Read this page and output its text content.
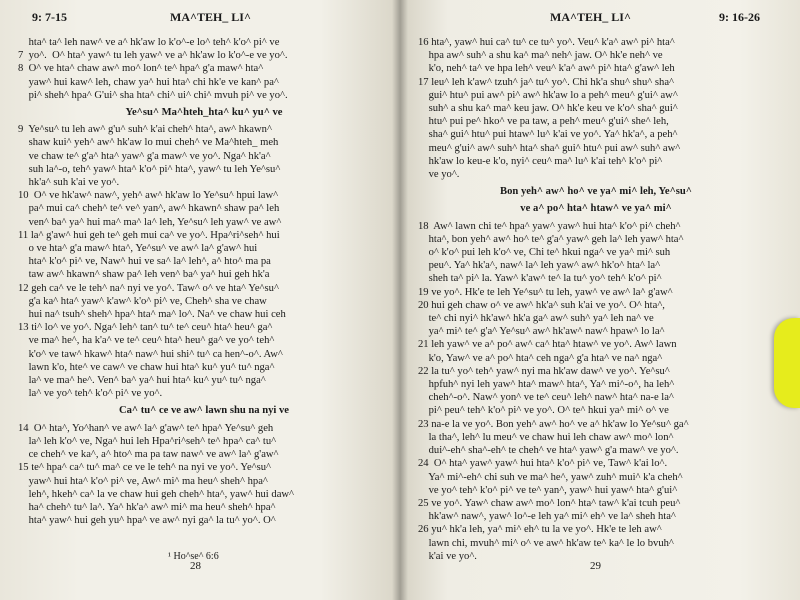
9: 7-15	MA^TEH_ LI^
hta^ ta^ leh naw^ ve a^ hk'aw lo k'o^-e lo^ teh^ k'o^ pi^ ve
7  yo^.  O^ hta^ yaw^ tu leh yaw^ ve a^ hk'aw lo k'o^-e ve yo^.
8  O^ ve hta^ chaw aw^ mo^ lon^ te^ hpa^ g'a maw^ hta^
yaw^ hui kaw^ leh, chaw ya^ hui hta^ chi hk'e ve kan^ pa^
pi^ sheh^ hpa^ G'ui^ sha hta^ chi^ ui^ chi^ mvuh pi^ ve yo^.
Ye^su^ Ma^hteh_hta^ ku^ yu^ ve
9  Ye^su^ tu leh aw^ g'u^ suh^ k'ai cheh^ hta^, aw^ hkawn^
shaw kui^ yeh^ aw^ hk'aw lo mui cheh^ ve Ma^hteh_ meh
ve chaw te^ g'a^ hta^ yaw^ g'a maw^ ve yo^. Nga^ hk'a^
suh la^-o, teh^ yaw^ hta^ k'o^ pi^ hta^, yaw^ tu leh Ye^su^
hk'a^ suh k'ai ve yo^.
10  O^ ve hk'aw^ naw^, yeh^ aw^ hk'aw lo Ye^su^ hpui law^
pa^ mui ca^ cheh^ te^ ve^ yan^, aw^ hkawn^ shaw pa^ leh
ven^ ba^ ya^ hui ma^ ma^ la^ leh, Ye^su^ leh yaw^ ve aw^
11 la^ g'aw^ hui geh te^ geh mui ca^ ve yo^. Hpa^ri^seh^ hui
o ve hta^ g'a maw^ hta^, Ye^su^ ve aw^ la^ g'aw^ hui
hta^ k'o^ pi^ ve, Naw^ hui ve sa^ la^ leh^, a^ hto^ ma pa
taw aw^ hkawn^ shaw pa^ leh ven^ ba^ ya^ hui geh hk'a
12 geh ca^ ve le teh^ na^ nyi ve yo^. Taw^ o^ ve hta^ Ye^su^
g'a ka^ hta^ yaw^ k'aw^ k'o^ pi^ ve, Cheh^ sha ve chaw
hui na^ tsuh^ sheh^ hpa^ hta^ ma^ lo^. Na^ ve chaw hui ceh
13 ti^ lo^ ve yo^. Nga^ leh^ tan^ tu^ te^ ceu^ hta^ heu^ ga^
ve ma^ he^, ha k'a^ ve te^ ceu^ hta^ heu^ ga^ ve yo^ teh^
k'o^ ve taw^ hkaw^ hta^ naw^ hui shi^ tu^ ca hen^-o^. Aw^
lawn k'o, hte^ ve caw^ ve chaw hui hta^ ku^ yu^ tu^ nga^
la^ ve ma^ he^. Ven^ ba^ ya^ hui hta^ ku^ yu^ tu^ nga^
la^ ve yo^ teh^ k'o^ pi^ ve yo^.
Ca^ tu^ ce ve aw^ lawn shu na nyi ve
14  O^ hta^, Yo^han^ ve aw^ la^ g'aw^ te^ hpa^ Ye^su^ geh
la^ leh k'o^ ve, Nga^ hui leh Hpa^ri^seh^ te^ hpa^ ca^ tu^
ce cheh^ ve ka^, a^ hto^ ma pa taw naw^ ve aw^ la^ g'aw^
15 te^ hpa^ ca^ tu^ ma^ ce ve le teh^ na nyi ve yo^. Ye^su^
yaw^ hui hta^ k'o^ pi^ ve, Aw^ mi^ ma heu^ sheh^ hpa^
leh^, hkeh^ ca^ la ve chaw hui geh cheh^ hta^, yaw^ hui daw^
ha^ cheh^ tu^ la^. Ya^ hk'a^ aw^ mi^ ma heu^ sheh^ hpa^
hta^ yaw^ hui geh yu^ hpa^ ve aw^ nyi ga^ la tu^ yo^. O^
¹ Ho^se^ 6:6
28
MA^TEH_ LI^	9: 16-26
16 hta^, yaw^ hui ca^ tu^ ce tu^ yo^. Veu^ k'a^ aw^ pi^ hta^
hpa aw^ suh^ a shu ka^ ma^ neh^ jaw. O^ hk'e neh^ ve
k'o, neh^ ta^ ve hpa leh^ veu^ k'a^ aw^ pi^ hta^ g'aw^ leh
17 leu^ leh k'aw^ tzuh^ ja^ tu^ yo^. Chi hk'a shu^ shu^ sha^
gui^ htu^ pui aw^ pi^ aw^ hk'aw lo a peh^ meu^ g'ui^ aw^
suh^ a shu ka^ ma^ keu jaw. O^ hk'e keu ve k'o^ sha^ gui^
htu^ pui pe^ hko^ ve pa taw, a peh^ meu^ g'ui^ she^ leh,
sha^ gui^ htu^ pui htaw^ lu^ k'ai ve yo^. Ya^ hk'a^, a peh^
meu^ g'ui^ aw^ suh^ hta^ sha^ gui^ htu^ pui aw^ suh^ aw^
hk'aw lo keu-e k'o, nyi^ ceu^ ma^ lu^ k'ai teh^ k'o^ pi^
ve yo^.
Bon yeh^ aw^ ho^ ve ya^ mi^ leh, Ye^su^
ve a^ po^ hta^ htaw^ ve ya^ mi^
18  Aw^ lawn chi te^ hpa^ yaw^ yaw^ hui hta^ k'o^ pi^ cheh^
hta^, bon yeh^ aw^ ho^ te^ g'a^ yaw^ geh la^ leh yaw^ hta^
o^ k'o^ pui leh k'o^ ve, Chi te^ hkui nga^ ve ya^ mi^ suh
peu^. Ya^ hk'a^, naw^ la^ leh yaw^ aw^ hk'o^ hta^ la^
sheh ta^ pi^ la. Yaw^ k'aw^ te^ la tu^ yo^ teh^ k'o^ pi^
19 ve yo^. Hk'e te leh Ye^su^ tu leh, yaw^ ve aw^ la^ g'aw^
20 hui geh chaw o^ ve aw^ hk'a^ suh k'ai ve yo^. O^ hta^,
te^ chi nyi^ hk'aw^ hk'a ga^ aw^ suh^ ya^ leh na^ ve
ya^ mi^ te^ g'a^ Ye^su^ aw^ hk'aw^ naw^ hpaw^ lo la^
21 leh yaw^ ve a^ po^ aw^ ca^ hta^ htaw^ ve yo^. Aw^ lawn
k'o, Yaw^ ve a^ po^ hta^ ceh nga^ g'a hta^ ve na^ nga^
22 la tu^ yo^ teh^ yaw^ nyi ma hk'aw daw^ ve yo^. Ye^su^
hpfuh^ nyi leh yaw^ hta^ maw^ hta^, Ya^ mi^-o^, ha leh^
cheh^-o^. Naw^ yon^ ve te^ ceu^ leh^ naw^ hta^ na-e la^
pi^ peu^ teh^ k'o^ pi^ ve yo^. O^ te^ hkui ya^ mi^ o^ ve
23 na-e la ve yo^. Bon yeh^ aw^ ho^ ve a^ hk'aw lo Ye^su^ ga^
la tha^, leh^ lu meu^ ve chaw hui leh chaw aw^ mo^ lon^
dui^-eh^ sha^-eh^ te cheh^ ve hta^ yaw^ g'a maw^ ve yo^.
24  O^ hta^ yaw^ yaw^ hui hta^ k'o^ pi^ ve, Taw^ k'ai lo^.
Ya^ mi^-eh^ chi suh ve ma^ he^, yaw^ zuh^ mui^ k'a cheh^
ve yo^ teh^ k'o^ pi^ ve te^ yan^, yaw^ hui yaw^ hta^ g'ui^
25 ve yo^. Yaw^ chaw aw^ mo^ lon^ hta^ taw^ k'ai tcuh peu^
hk'aw^ naw^, yaw^ lo^-e leh ya^ mi^ eh^ ve la^ sheh hta^
26 yu^ hk'a leh, ya^ mi^ eh^ tu la ve yo^. Hk'e te leh aw^
lawn chi, mvuh^ mi^ o^ ve aw^ hk'aw te^ ka^ le lo bvuh^
k'ai ve yo^.
29
